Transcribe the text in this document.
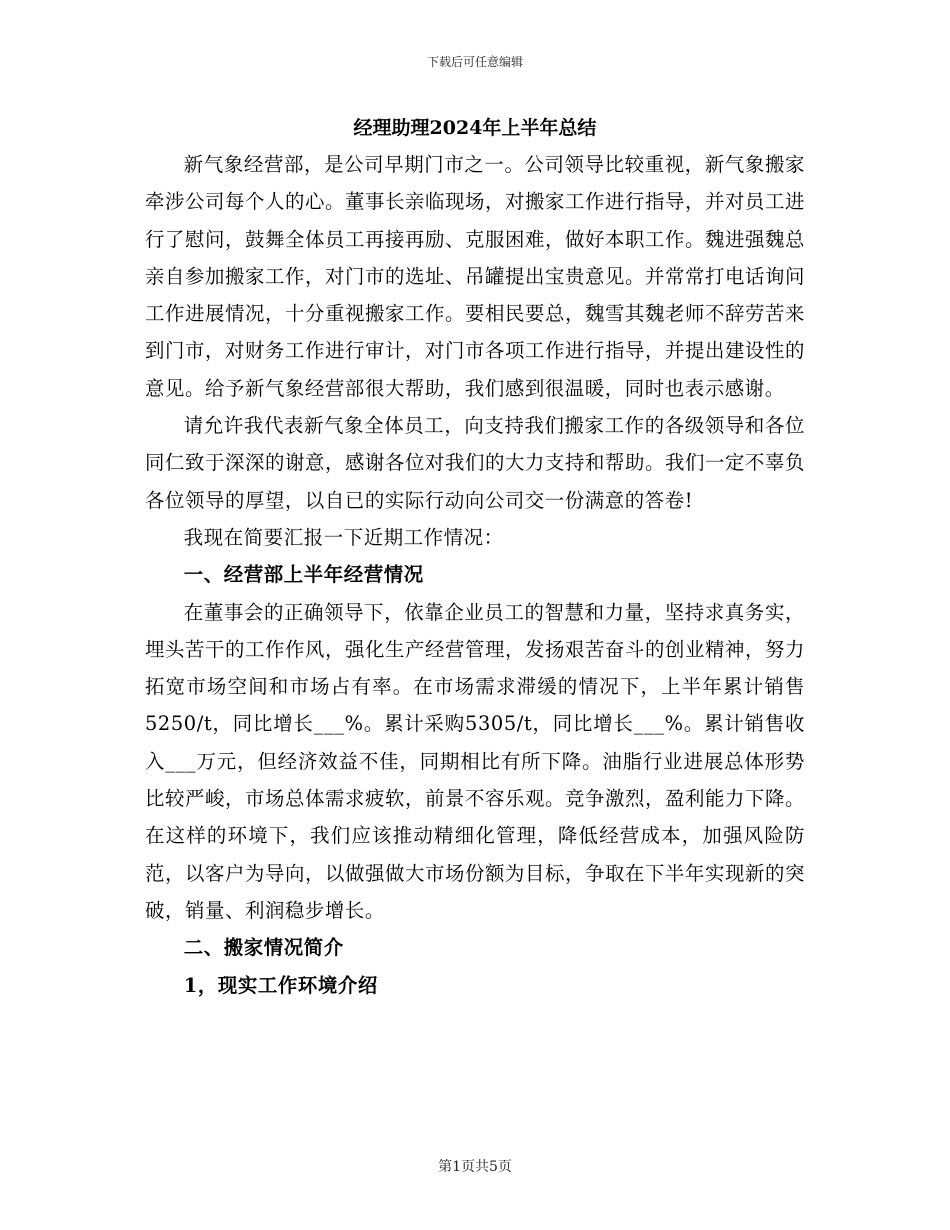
下载后可任意编辑
经理助理2024年上半年总结

新气象经营部，是公司早期门市之一。公司领导比较重视，新气象搬家牵涉公司每个人的心。董事长亲临现场，对搬家工作进行指导，并对员工进行了慰问，鼓舞全体员工再接再励、克服困难，做好本职工作。魏进强魏总亲自参加搬家工作，对门市的选址、吊罐提出宝贵意见。并常常打电话询问工作进展情况，十分重视搬家工作。要相民要总，魏雪其魏老师不辞劳苦来到门市，对财务工作进行审计，对门市各项工作进行指导，并提出建设性的意见。给予新气象经营部很大帮助，我们感到很温暖，同时也表示感谢。

请允许我代表新气象全体员工，向支持我们搬家工作的各级领导和各位同仁致于深深的谢意，感谢各位对我们的大力支持和帮助。我们一定不辜负各位领导的厚望，以自已的实际行动向公司交一份满意的答卷!

我现在简要汇报一下近期工作情况：

一、经营部上半年经营情况

在董事会的正确领导下，依靠企业员工的智慧和力量，坚持求真务实，埋头苦干的工作作风，强化生产经营管理，发扬艰苦奋斗的创业精神，努力拓宽市场空间和市场占有率。在市场需求滞缓的情况下，上半年累计销售5250/t，同比增长___%。累计采购5305/t，同比增长___%。累计销售收入___万元，但经济效益不佳，同期相比有所下降。油脂行业进展总体形势比较严峻，市场总体需求疲软，前景不容乐观。竞争激烈，盈利能力下降。在这样的环境下，我们应该推动精细化管理，降低经营成本，加强风险防范，以客户为导向，以做强做大市场份额为目标，争取在下半年实现新的突破，销量、利润稳步增长。

二、搬家情况简介

1，现实工作环境介绍

第1页共5页
